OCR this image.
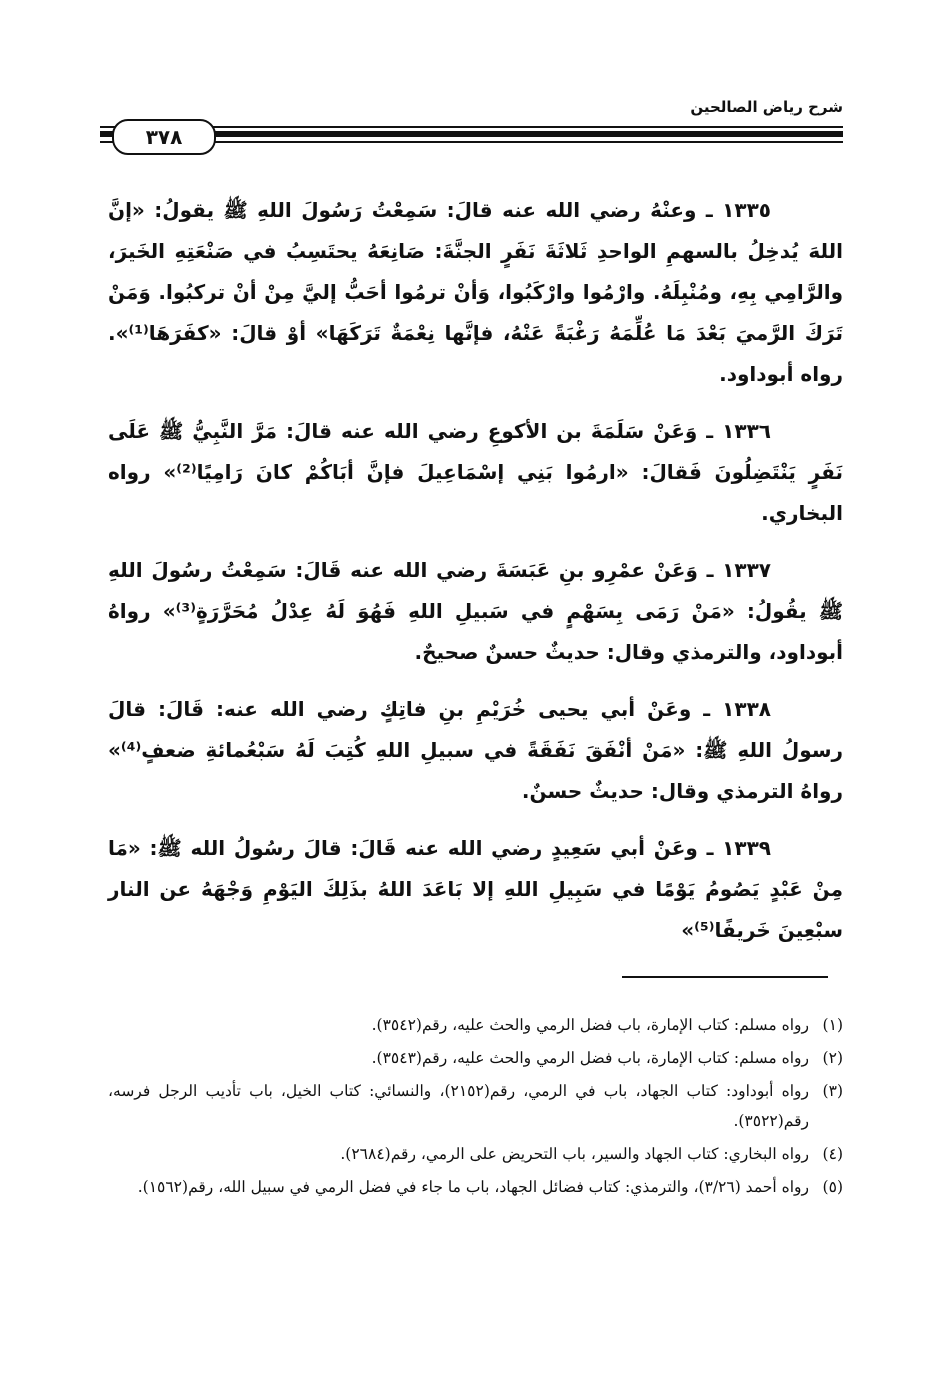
شرح رياض الصالحين
٣٧٨

١٣٣٥ ـ وعنْهُ رضي الله عنه قالَ: سَمِعْتُ رَسُولَ اللهِ ﷺ يقولُ: «إنَّ اللهَ يُدخِلُ بالسهمِ الواحدِ ثَلاثَةَ نَفَرٍ الجنَّةَ: صَانِعَهُ يحتَسِبُ في صَنْعَتِهِ الخَيرَ، والرَّامِي بِهِ، ومُنْبِلَهُ. وارْمُوا وارْكَبُوا، وَأنْ ترمُوا أحَبُّ إليَّ مِنْ أنْ تركبُوا. وَمَنْ تَرَكَ الرَّميَ بَعْدَ مَا عُلِّمَهُ رَغْبَةً عَنْهُ، فإنَّها نِعْمَةٌ تَرَكَهَا» أوْ قالَ: «كفَرَهَا⁽¹⁾». رواه أبوداود.

١٣٣٦ ـ وَعَنْ سَلَمَةَ بن الأكوعِ رضي الله عنه قالَ: مَرَّ النَّبِيُّ ﷺ عَلَى نَفَرٍ يَنْتَضِلُونَ فَقالَ: «ارمُوا بَنِي إسْمَاعِيلَ فإنَّ أبَاكُمْ كانَ رَامِيًا⁽²⁾» رواه البخاري.

١٣٣٧ ـ وَعَنْ عمْرِو بنِ عَبَسَةَ رضي الله عنه قَالَ: سَمِعْتُ رسُولَ اللهِ ﷺ يقُولُ: «مَنْ رَمَى بِسَهْمٍ في سَبيلِ اللهِ فَهُوَ لَهُ عِدْلُ مُحَرَّرَةٍ⁽³⁾» رواهُ أبوداود، والترمذي وقال: حديثٌ حسنٌ صحيحٌ.

١٣٣٨ ـ وعَنْ أبي يحيى خُرَيْمِ بنِ فاتِكٍ رضي الله عنه: قَالَ: قالَ رسولُ اللهِ ﷺ: «مَنْ أنْفَقَ نَفَقَةً في سبيلِ اللهِ كُتِبَ لَهُ سَبْعُمائةِ ضعفٍ⁽⁴⁾» رواهُ الترمذي وقال: حديثٌ حسنٌ.

١٣٣٩ ـ وعَنْ أبي سَعِيدٍ رضي الله عنه قَالَ: قالَ رسُولُ الله ﷺ: «مَا مِنْ عَبْدٍ يَصُومُ يَوْمًا في سَبِيلِ اللهِ إلا بَاعَدَ اللهُ بذَلِكَ اليَوْمِ وَجْهَهُ عن النار سبْعِينَ خَريفًا⁽⁵⁾»

(١)
رواه مسلم: كتاب الإمارة، باب فضل الرمي والحث عليه، رقم(٣٥٤٢).
(٢)
رواه مسلم: كتاب الإمارة، باب فضل الرمي والحث عليه، رقم(٣٥٤٣).
(٣)
رواه أبوداود: كتاب الجهاد، باب في الرمي، رقم(٢١٥٢)، والنسائي: كتاب الخيل، باب تأديب الرجل فرسه، رقم(٣٥٢٢).
(٤)
رواه البخاري: كتاب الجهاد والسير، باب التحريض على الرمي، رقم(٢٦٨٤).
(٥)
رواه أحمد (٣/٢٦)، والترمذي: كتاب فضائل الجهاد، باب ما جاء في فضل الرمي في سبيل الله، رقم(١٥٦٢).
